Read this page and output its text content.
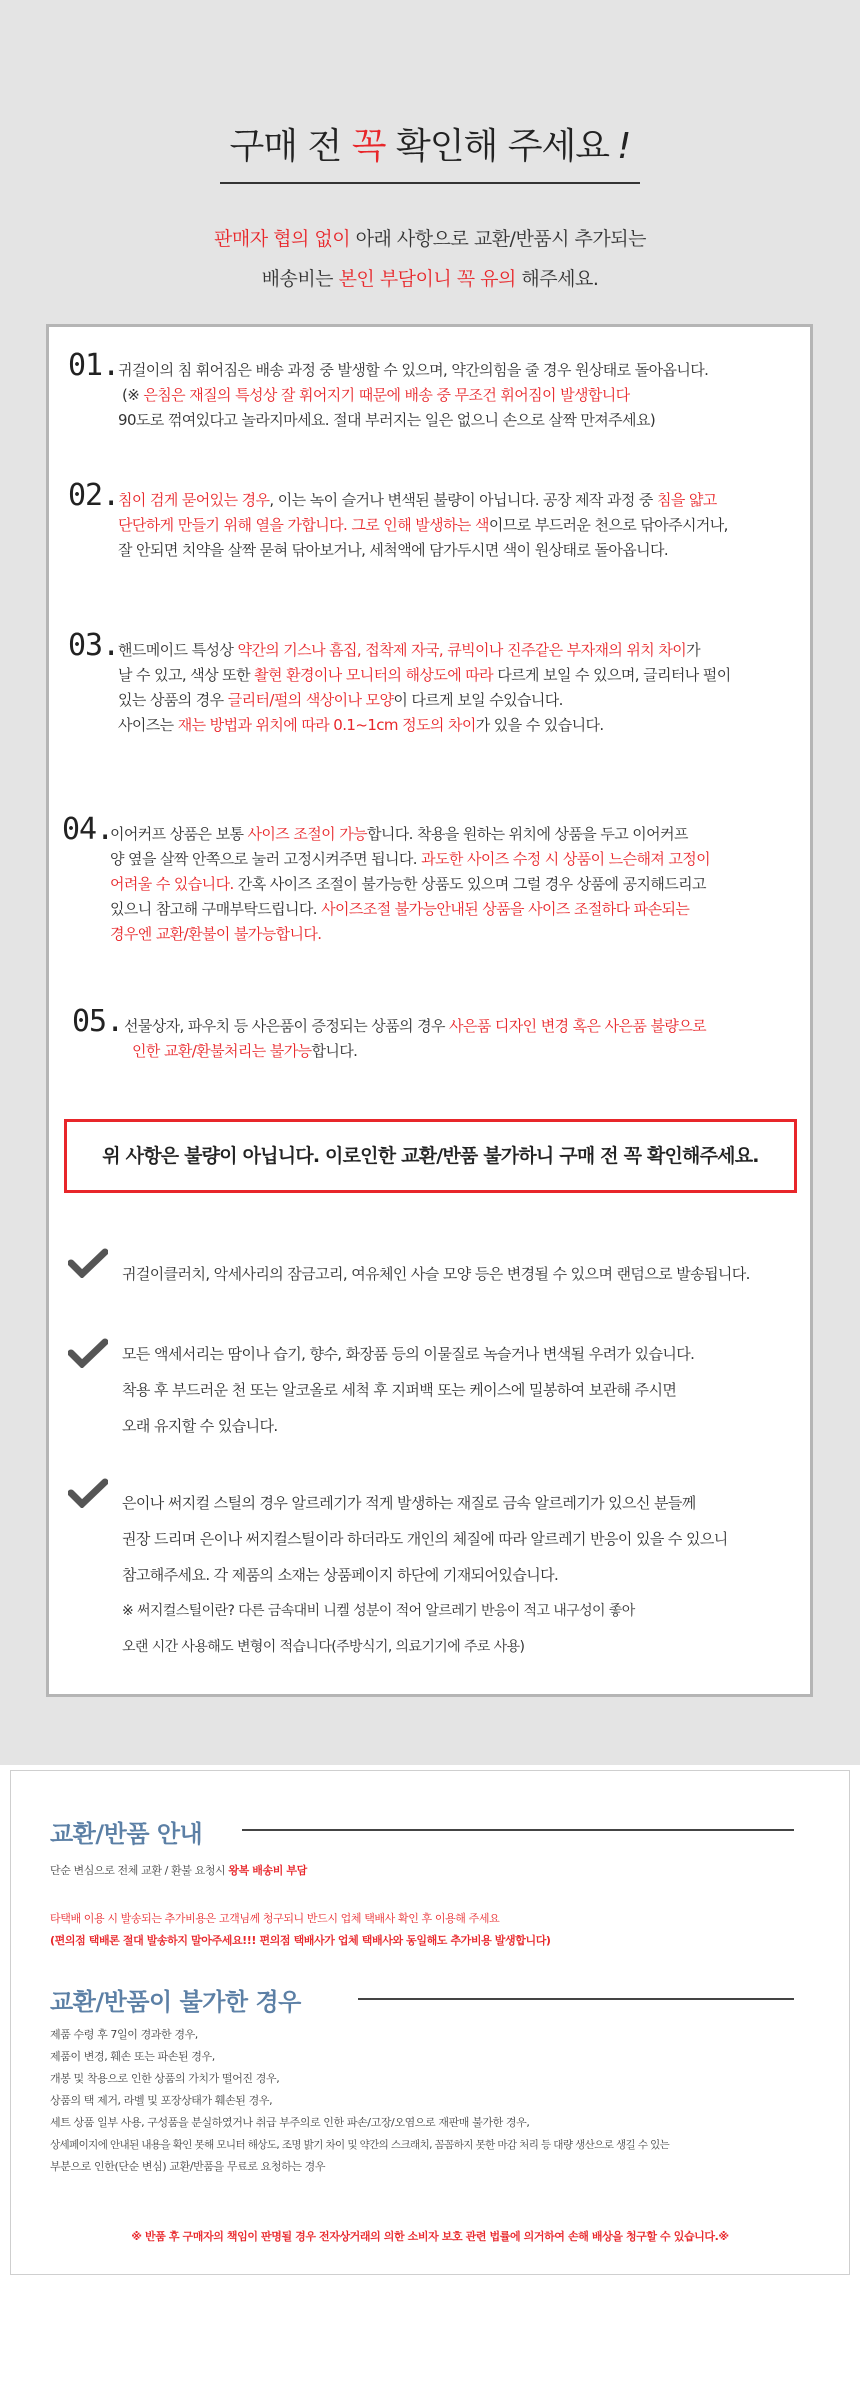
구매 전 꼭 확인해 주세요 !
판매자 협의 없이 아래 사항으로 교환/반품시 추가되는
배송비는 본인 부담이니 꼭 유의 해주세요.
01.
귀걸이의 침 휘어짐은 배송 과정 중 발생할 수 있으며, 약간의힘을 줄 경우 원상태로 돌아옵니다.
(※ 은침은 재질의 특성상 잘 휘어지기 때문에 배송 중 무조건 휘어짐이 발생합니다
90도로 꺾여있다고 놀라지마세요. 절대 부러지는 일은 없으니 손으로 살짝 만져주세요)
02.
침이 검게 묻어있는 경우, 이는 녹이 슬거나 변색된 불량이 아닙니다. 공장 제작 과정 중 침을 얇고
단단하게 만들기 위해 열을 가합니다. 그로 인해 발생하는 색이므로 부드러운 천으로 닦아주시거나,
잘 안되면 치약을 살짝 묻혀 닦아보거나, 세척액에 담가두시면 색이 원상태로 돌아옵니다.
03.
핸드메이드 특성상 약간의 기스나 흠집, 접착제 자국, 큐빅이나 진주같은 부자재의 위치 차이가
날 수 있고, 색상 또한 촬현 환경이나 모니터의 해상도에 따라 다르게 보일 수 있으며, 글리터나 펄이
있는 상품의 경우 글리터/펄의 색상이나 모양이 다르게 보일 수있습니다.
사이즈는 재는 방법과 위치에 따라 0.1~1cm 정도의 차이가 있을 수 있습니다.
04.
이어커프 상품은 보통 사이즈 조절이 가능합니다. 착용을 원하는 위치에 상품을 두고 이어커프
양 옆을 살짝 안쪽으로 눌러 고정시켜주면 됩니다. 과도한 사이즈 수정 시 상품이 느슨해져 고정이
어려울 수 있습니다. 간혹 사이즈 조절이 불가능한 상품도 있으며 그럴 경우 상품에 공지해드리고
있으니 참고해 구매부탁드립니다. 사이즈조절 불가능안내된 상품을 사이즈 조절하다 파손되는
경우엔 교환/환불이 불가능합니다.
05. 선물상자, 파우치 등 사은품이 증정되는 상품의 경우 사은품 디자인 변경 혹은 사은품 불량으로
인한 교환/환불처리는 불가능합니다.
위 사항은 불량이 아닙니다. 이로인한 교환/반품 불가하니 구매 전 꼭 확인해주세요.
귀걸이클러치, 악세사리의 잠금고리, 여유체인 사슬 모양 등은 변경될 수 있으며 랜덤으로 발송됩니다.
모든 액세서리는 땀이나 습기, 향수, 화장품 등의 이물질로 녹슬거나 변색될 우려가 있습니다.
착용 후 부드러운 천 또는 알코올로 세척 후 지퍼백 또는 케이스에 밀봉하여 보관해 주시면
오래 유지할 수 있습니다.
은이나 써지컬 스틸의 경우 알르레기가 적게 발생하는 재질로 금속 알르레기가 있으신 분들께
권장 드리며 은이나 써지컬스틸이라 하더라도 개인의 체질에 따라 알르레기 반응이 있을 수 있으니
참고해주세요. 각 제품의 소재는 상품페이지 하단에 기재되어있습니다.
※ 써지컬스틸이란? 다른 금속대비 니켈 성분이 적어 알르레기 반응이 적고 내구성이 좋아
오랜 시간 사용해도 변형이 적습니다(주방식기, 의료기기에 주로 사용)
교환/반품 안내
단순 변심으로 전체 교환 / 환불 요청시 왕복 배송비 부담
타택배 이용 시 발송되는 추가비용은 고객님께 청구되니 반드시 업체 택배사 확인 후 이용해 주세요
(편의점 택배론 절대 발송하지 말아주세요!!! 편의점 택배사가 업체 택배사와 동일해도 추가비용 발생합니다)
교환/반품이 불가한 경우
제품 수령 후 7일이 경과한 경우,
제품이 변경, 훼손 또는 파손된 경우,
개봉 및 착용으로 인한 상품의 가치가 떨어진 경우,
상품의 택 제거, 라벨 및 포장상태가 훼손된 경우,
세트 상품 일부 사용, 구성품을 분실하였거나 취급 부주의로 인한 파손/고장/오염으로 재판매 불가한 경우,
상세페이지에 안내된 내용을 확인 못해 모니터 해상도, 조명 밝기 차이 및 약간의 스크래치, 꼼꼼하지 못한 마감 처리 등 대량 생산으로 생길 수 있는
부분으로 인한(단순 변심) 교환/반품을 무료로 요청하는 경우
※ 반품 후 구매자의 책임이 판명될 경우 전자상거래의 의한 소비자 보호 관련 법률에 의거하여 손해 배상을 청구할 수 있습니다.※
